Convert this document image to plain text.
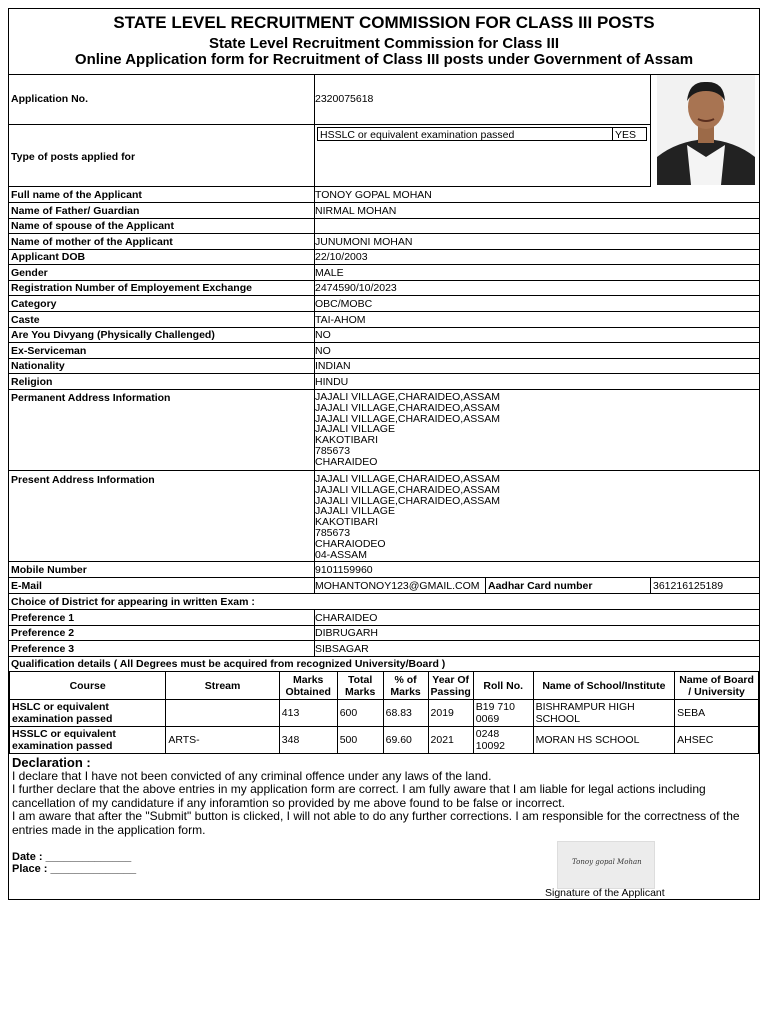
STATE LEVEL RECRUITMENT COMMISSION FOR CLASS III POSTS
State Level Recruitment Commission for Class III
Online Application form for Recruitment of Class III posts under Government of Assam
Application No.	2320075618
Type of posts applied for
HSSLC or equivalent examination passed	YES
Full name of the Applicant	TONOY GOPAL MOHAN
Name of Father/ Guardian	NIRMAL MOHAN
Name of spouse of the Applicant
Name of mother of the Applicant	JUNUMONI MOHAN
Applicant DOB	22/10/2003
Gender	MALE
Registration Number of Employement Exchange	2474590/10/2023
Category	OBC/MOBC
Caste	TAI-AHOM
Are You Divyang (Physically Challenged)	NO
Ex-Serviceman	NO
Nationality	INDIAN
Religion	HINDU
Permanent Address Information	JAJALI VILLAGE,CHARAIDEO,ASSAM
JAJALI VILLAGE,CHARAIDEO,ASSAM
JAJALI VILLAGE,CHARAIDEO,ASSAM
JAJALI VILLAGE
KAKOTIBARI
785673
CHARAIDEO
Present Address Information	JAJALI VILLAGE,CHARAIDEO,ASSAM
JAJALI VILLAGE,CHARAIDEO,ASSAM
JAJALI VILLAGE,CHARAIDEO,ASSAM
JAJALI VILLAGE
KAKOTIBARI
785673
CHARAIODEO
04-ASSAM
Mobile Number	9101159960
E-Mail	MOHANTONOY123@GMAIL.COM Aadhar Card number	361216125189
Choice of District for appearing in written Exam :
Preference 1	CHARAIDEO
Preference 2	DIBRUGARH
Preference 3	SIBSAGAR
Qualification details ( All Degrees must be acquired from recognized University/Board )
Course	Stream	Marks Obtained	Total Marks	% of Marks	Year Of Passing	Roll No.	Name of School/Institute	Name of Board / University
HSLC or equivalent examination passed		413	600	68.83	2019	B19 710 0069	BISHRAMPUR HIGH SCHOOL	SEBA
HSSLC or equivalent examination passed	ARTS-	348	500	69.60	2021	0248 10092	MORAN HS SCHOOL	AHSEC
Declaration :
I declare that I have not been convicted of any criminal offence under any laws of the land.
I further declare that the above entries in my application form are correct. I am fully aware that I am liable for legal actions including cancellation of my candidature if any inforamtion so provided by me above found to be false or incorrect.
I am aware that after the "Submit" button is clicked, I will not able to do any further corrections. I am responsible for the correctness of the entries made in the application form.
Date : ______________
Place : ______________
Tonoy gopal Mohan
Signature of the Applicant
